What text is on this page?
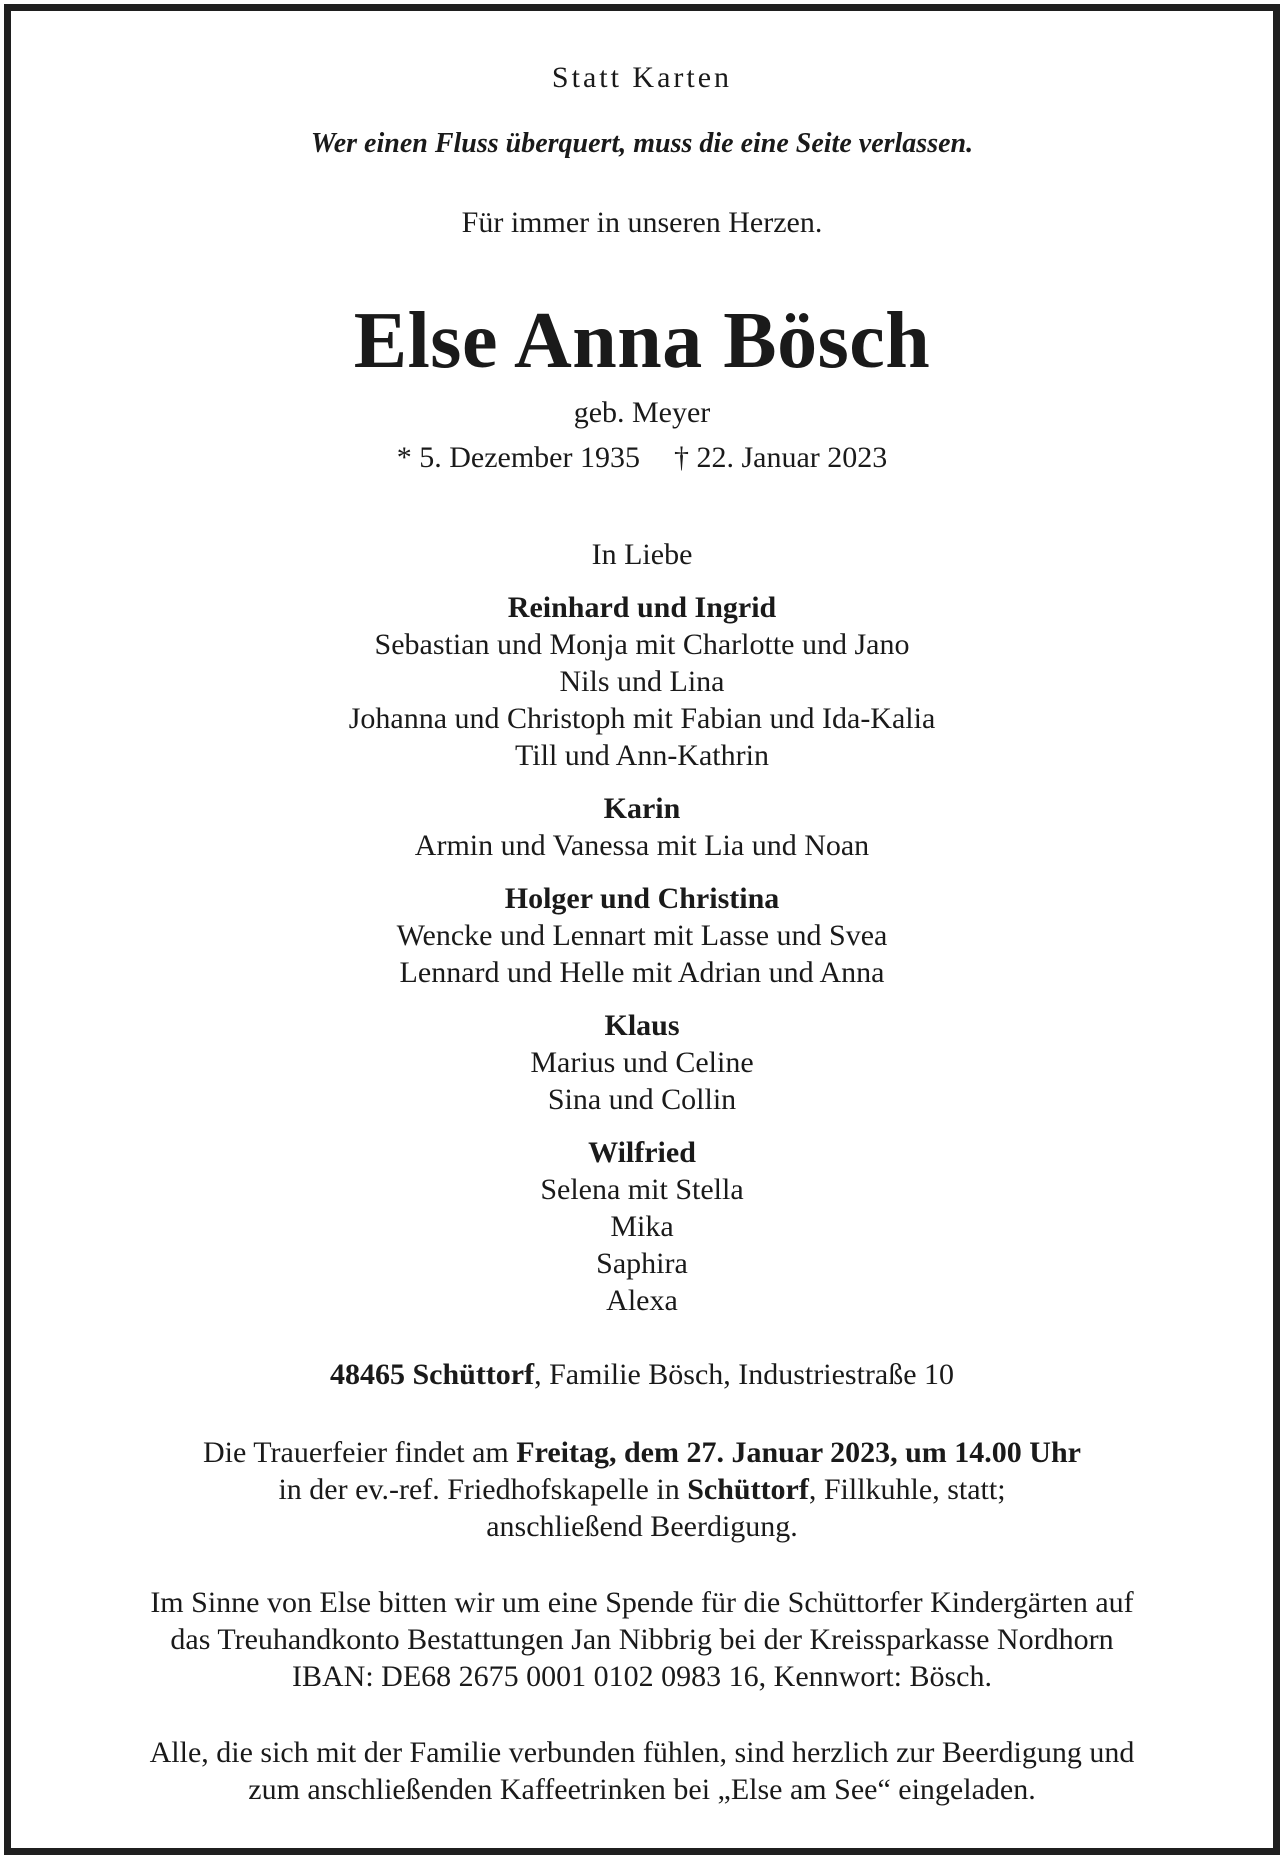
Statt Karten
Wer einen Fluss überquert, muss die eine Seite verlassen.
Für immer in unseren Herzen.
Else Anna Bösch
geb. Meyer
* 5. Dezember 1935 † 22. Januar 2023
In Liebe
Reinhard und Ingrid
Sebastian und Monja mit Charlotte und Jano
Nils und Lina
Johanna und Christoph mit Fabian und Ida-Kalia
Till und Ann-Kathrin
Karin
Armin und Vanessa mit Lia und Noan
Holger und Christina
Wencke und Lennart mit Lasse und Svea
Lennard und Helle mit Adrian und Anna
Klaus
Marius und Celine
Sina und Collin
Wilfried
Selena mit Stella
Mika
Saphira
Alexa
48465 Schüttorf, Familie Bösch, Industriestraße 10
Die Trauerfeier findet am Freitag, dem 27. Januar 2023, um 14.00 Uhr
in der ev.-ref. Friedhofskapelle in Schüttorf, Fillkuhle, statt;
anschließend Beerdigung.
Im Sinne von Else bitten wir um eine Spende für die Schüttorfer Kindergärten auf
das Treuhandkonto Bestattungen Jan Nibbrig bei der Kreissparkasse Nordhorn
IBAN: DE68 2675 0001 0102 0983 16, Kennwort: Bösch.
Alle, die sich mit der Familie verbunden fühlen, sind herzlich zur Beerdigung und
zum anschließenden Kaffeetrinken bei „Else am See“ eingeladen.
